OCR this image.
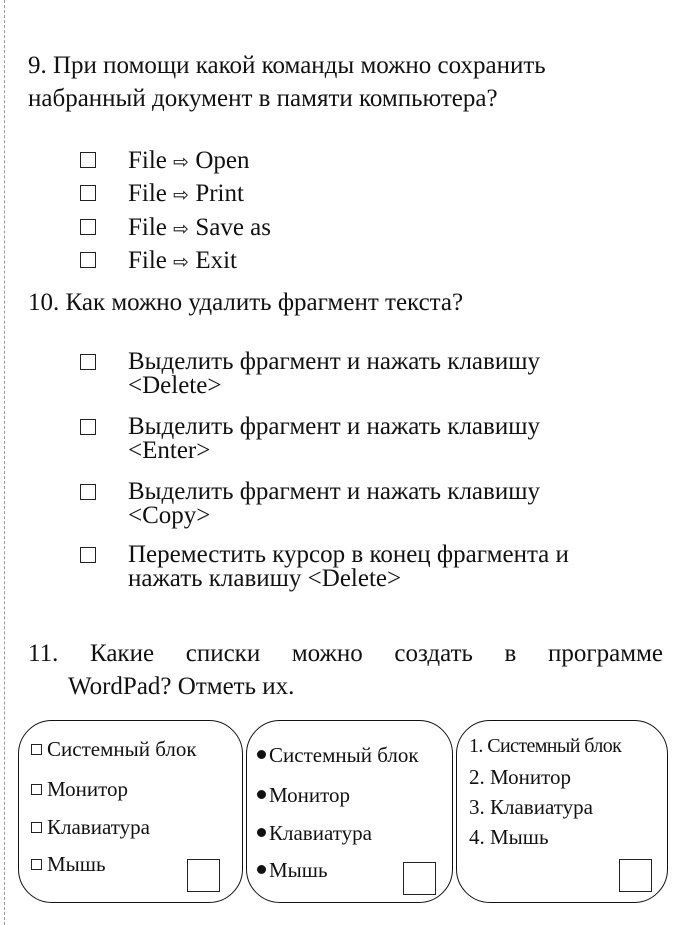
9. При помощи какой команды можно сохранить
набранный документ в памяти компьютера?

File ⇨ Open
File ⇨ Print
File ⇨ Save as
File ⇨ Exit

10. Как можно удалить фрагмент текста?

Выделить фрагмент и нажать клавишу
<Delete>
Выделить фрагмент и нажать клавишу
<Enter>
Выделить фрагмент и нажать клавишу
<Copy>
Переместить курсор в конец фрагмента и
нажать клавишу <Delete>

11. Какие списки можно создать в программе
WordPad? Отметь их.

Системный блок
Монитор
Клавиатура
Мышь
Системный блок
Монитор
Клавиатура
Мышь
1. Системный блок
2. Монитор
3. Клавиатура
4. Мышь
